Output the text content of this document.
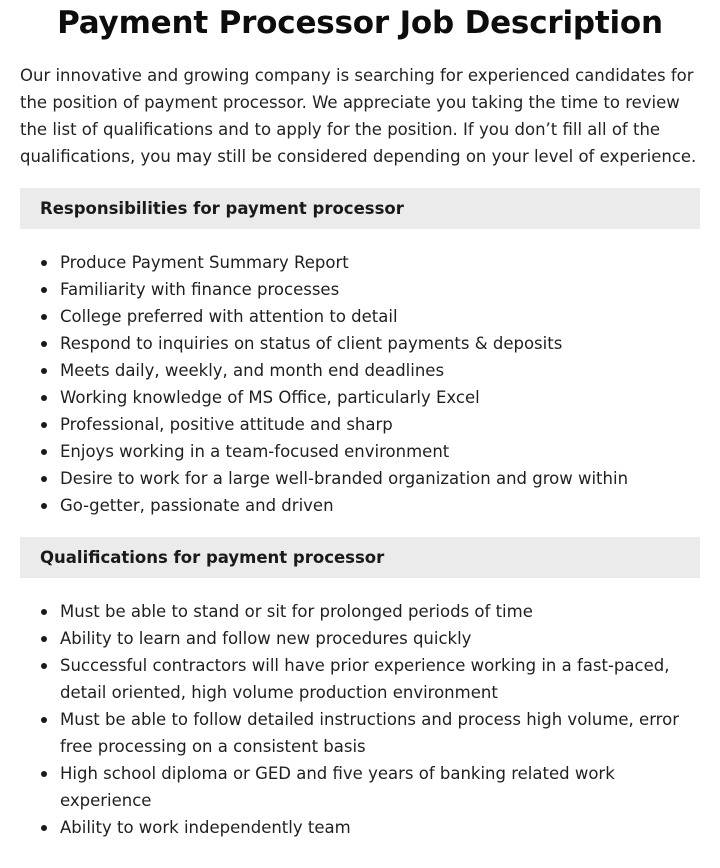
Payment Processor Job Description

Our innovative and growing company is searching for experienced candidates for the position of payment processor. We appreciate you taking the time to review the list of qualifications and to apply for the position. If you don’t fill all of the qualifications, you may still be considered depending on your level of experience.

Responsibilities for payment processor
Produce Payment Summary Report
Familiarity with finance processes
College preferred with attention to detail
Respond to inquiries on status of client payments & deposits
Meets daily, weekly, and month end deadlines
Working knowledge of MS Office, particularly Excel
Professional, positive attitude and sharp
Enjoys working in a team-focused environment
Desire to work for a large well-branded organization and grow within
Go-getter, passionate and driven
Qualifications for payment processor
Must be able to stand or sit for prolonged periods of time
Ability to learn and follow new procedures quickly
Successful contractors will have prior experience working in a fast-paced, detail oriented, high volume production environment
Must be able to follow detailed instructions and process high volume, error free processing on a consistent basis
High school diploma or GED and five years of banking related work experience
Ability to work independently team
